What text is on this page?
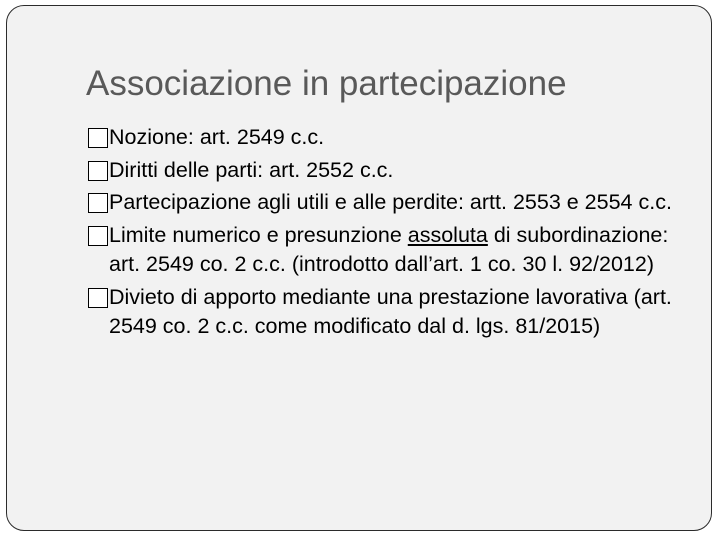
Associazione in partecipazione
Nozione: art. 2549 c.c.
Diritti delle parti: art. 2552 c.c.
Partecipazione agli utili e alle perdite: artt. 2553 e 2554 c.c.
Limite numerico e presunzione assoluta di subordinazione: art. 2549 co. 2 c.c. (introdotto dall’art. 1 co. 30 l. 92/2012)
Divieto di apporto mediante una prestazione lavorativa (art. 2549 co. 2 c.c. come modificato dal d. lgs. 81/2015)
